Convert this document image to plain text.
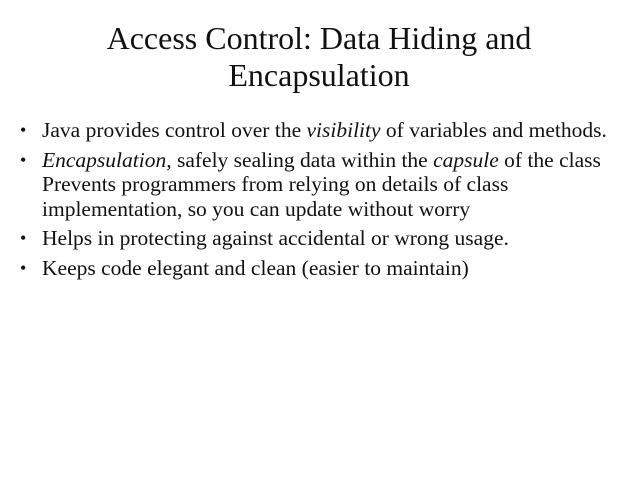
Access Control: Data Hiding and
Encapsulation
• Java provides control over the visibility of variables and methods.
• Encapsulation, safely sealing data within the capsule of the class Prevents programmers from relying on details of class implementation, so you can update without worry
• Helps in protecting against accidental or wrong usage.
• Keeps code elegant and clean (easier to maintain)
